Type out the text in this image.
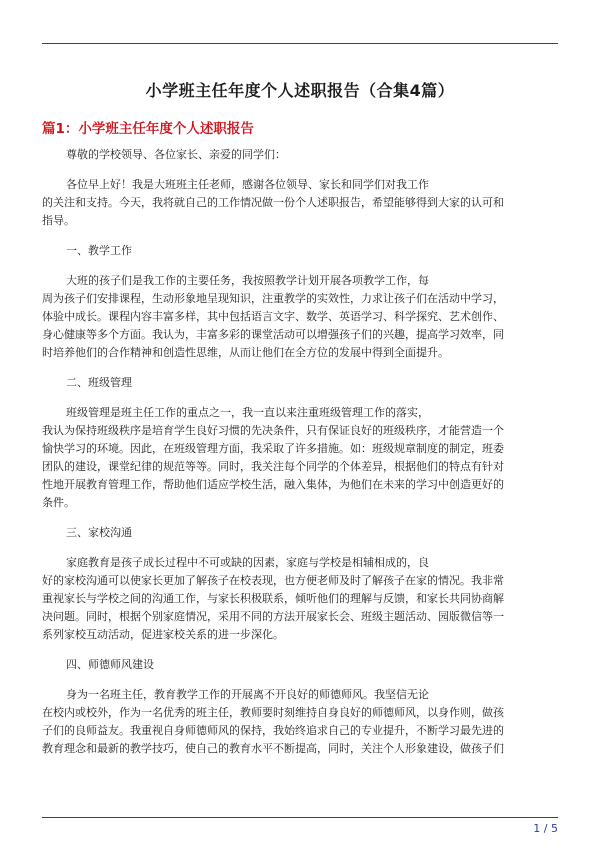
小学班主任年度个人述职报告（合集4篇）
篇1：小学班主任年度个人述职报告

尊敬的学校领导、各位家长、亲爱的同学们：

各位早上好！我是大班班主任老师，感谢各位领导、家长和同学们对我工作
的关注和支持。今天，我将就自己的工作情况做一份个人述职报告，希望能够得到大家的认可和
指导。

一、教学工作

大班的孩子们是我工作的主要任务，我按照教学计划开展各项教学工作，每
周为孩子们安排课程，生动形象地呈现知识，注重教学的实效性，力求让孩子们在活动中学习，
体验中成长。课程内容丰富多样，其中包括语言文字、数学、英语学习、科学探究、艺术创作、
身心健康等多个方面。我认为，丰富多彩的课堂活动可以增强孩子们的兴趣，提高学习效率，同
时培养他们的合作精神和创造性思维，从而让他们在全方位的发展中得到全面提升。

二、班级管理

班级管理是班主任工作的重点之一，我一直以来注重班级管理工作的落实，
我认为保持班级秩序是培育学生良好习惯的先决条件，只有保证良好的班级秩序，才能营造一个
愉快学习的环境。因此，在班级管理方面，我采取了许多措施。如：班级规章制度的制定，班委
团队的建设，课堂纪律的规范等等。同时，我关注每个同学的个体差异，根据他们的特点有针对
性地开展教育管理工作，帮助他们适应学校生活，融入集体，为他们在未来的学习中创造更好的
条件。

三、家校沟通

家庭教育是孩子成长过程中不可或缺的因素，家庭与学校是相辅相成的，良
好的家校沟通可以使家长更加了解孩子在校表现，也方便老师及时了解孩子在家的情况。我非常
重视家长与学校之间的沟通工作，与家长积极联系，倾听他们的理解与反馈，和家长共同协商解
决问题。同时，根据个别家庭情况，采用不同的方法开展家长会、班级主题活动、园版微信等一
系列家校互动活动，促进家校关系的进一步深化。

四、师德师风建设

身为一名班主任，教育教学工作的开展离不开良好的师德师风。我坚信无论
在校内或校外，作为一名优秀的班主任，教师要时刻维持自身良好的师德师风，以身作则，做孩
子们的良师益友。我重视自身师德师风的保持，我始终追求自己的专业提升，不断学习最先进的
教育理念和最新的教学技巧，使自己的教育水平不断提高，同时，关注个人形象建设，做孩子们

1 / 5
